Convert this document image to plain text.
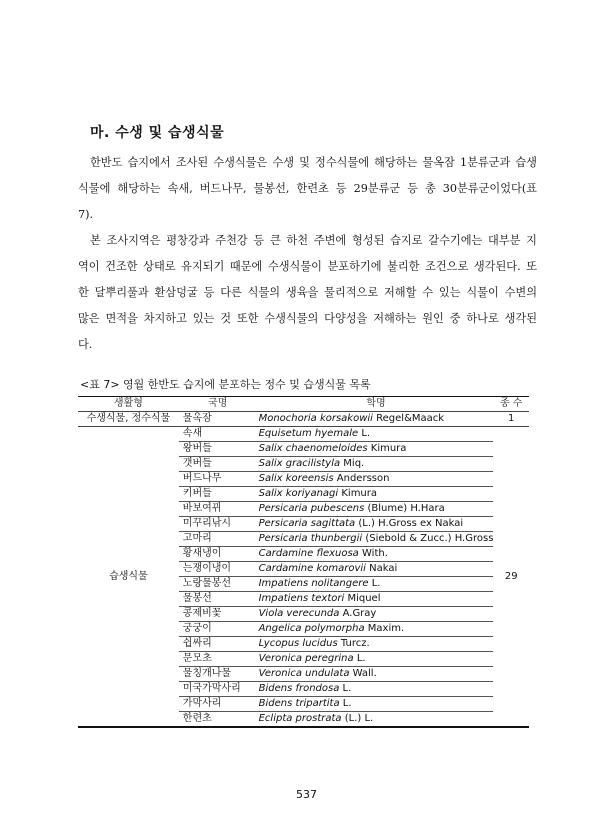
마. 수생 및 습생식물

한반도 습지에서 조사된 수생식물은 수생 및 정수식물에 해당하는 물옥잠 1분류군과 습생식물에 해당하는 속새, 버드나무, 물봉선, 한련초 등 29분류군 등 총 30분류군이었다(표 7).

본 조사지역은 평창강과 주천강 등 큰 하천 주변에 형성된 습지로 갈수기에는 대부분 지역이 건조한 상태로 유지되기 때문에 수생식물이 분포하기에 불리한 조건으로 생각된다. 또한 달뿌리풀과 환삼덩굴 등 다른 식물의 생육을 물리적으로 저해할 수 있는 식물이 수변의 많은 면적을 차지하고 있는 것 또한 수생식물의 다양성을 저해하는 원인 중 하나로 생각된다.

<표 7> 영월 한반도 습지에 분포하는 정수 및 습생식물 목록
생활형	국명	학명	종 수
수생식물, 정수식물	물옥잠	Monochoria korsakowii Regel&Maack	1
습생식물	속새	Equisetum hyemale L.	29
	왕버들	Salix chaenomeloides Kimura	
	갯버들	Salix gracilistyla Miq.	
	버드나무	Salix koreensis Andersson	
	키버들	Salix koriyanagi Kimura	
	바보여뀌	Persicaria pubescens (Blume) H.Hara	
	미꾸리낚시	Persicaria sagittata (L.) H.Gross ex Nakai	
	고마리	Persicaria thunbergii (Siebold & Zucc.) H.Gross	
	황새냉이	Cardamine flexuosa With.	
	는쟁이냉이	Cardamine komarovii Nakai	
	노랑물봉선	Impatiens nolitangere L.	
	물봉선	Impatiens textori Miquel	
	콩제비꽃	Viola verecunda A.Gray	
	궁궁이	Angelica polymorpha Maxim.	
	쉽싸리	Lycopus lucidus Turcz.	
	문모초	Veronica peregrina L.	
	물칭개나물	Veronica undulata Wall.	
	미국가막사리	Bidens frondosa L.	
	가막사리	Bidens tripartita L.	
	한련초	Eclipta prostrata (L.) L.	
537
